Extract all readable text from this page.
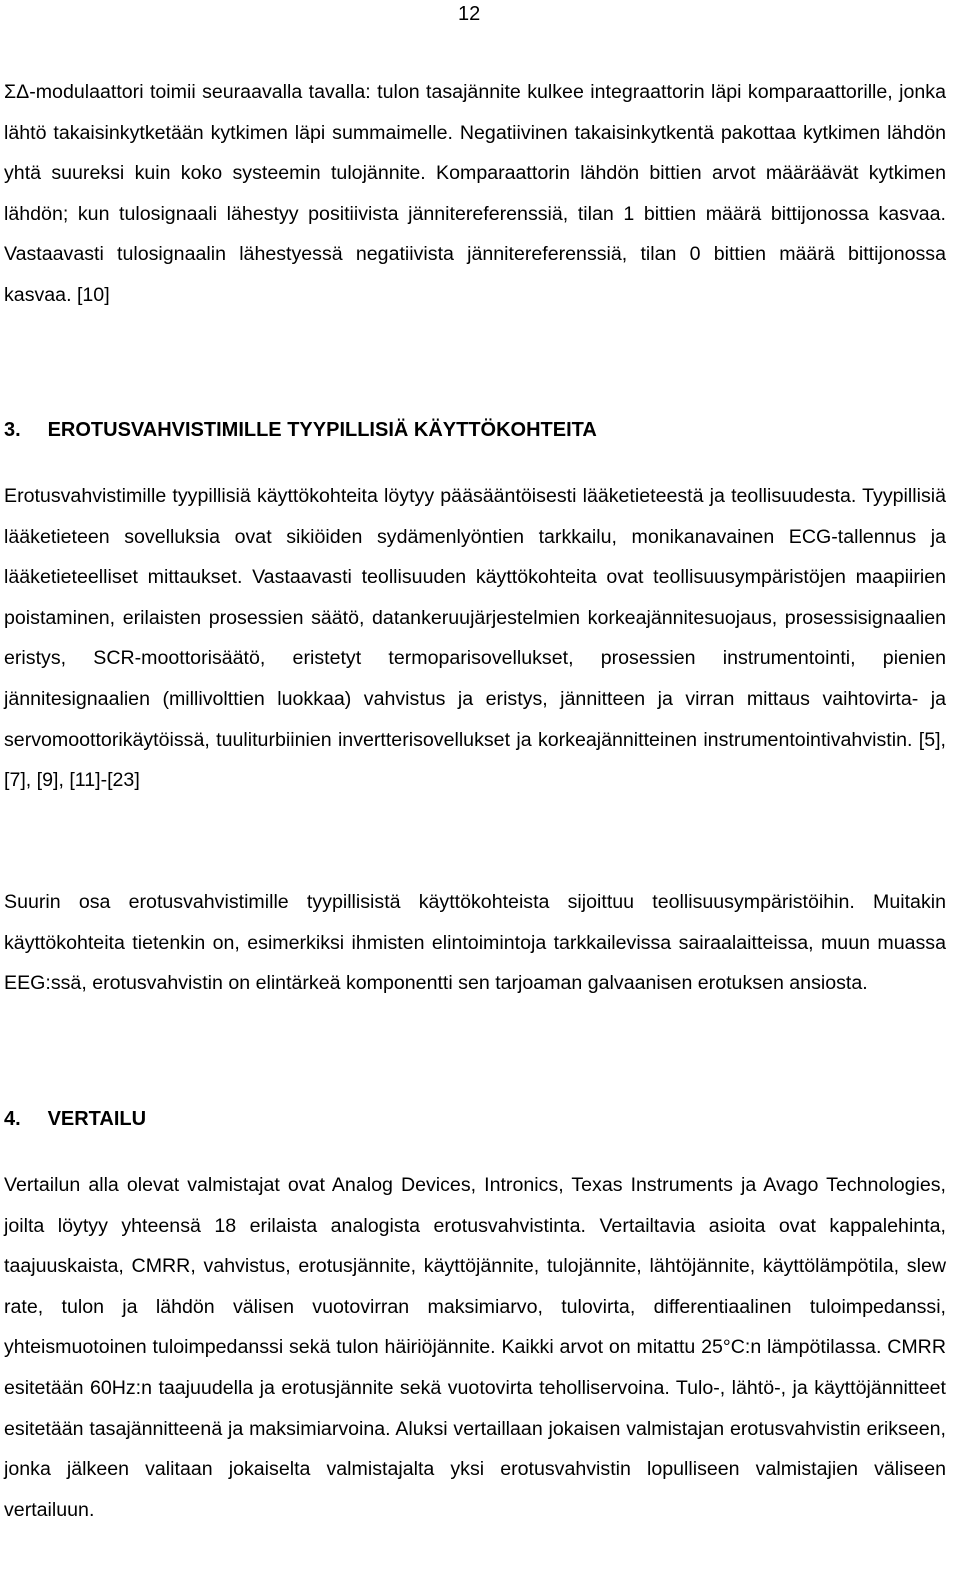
12

ΣΔ-modulaattori toimii seuraavalla tavalla: tulon tasajännite kulkee integraattorin läpi komparaattorille, jonka lähtö takaisinkytketään kytkimen läpi summaimelle. Negatiivinen takaisinkytkentä pakottaa kytkimen lähdön yhtä suureksi kuin koko systeemin tulojännite. Komparaattorin lähdön bittien arvot määräävät kytkimen lähdön; kun tulosignaali lähestyy positiivista jännitereferenssiä, tilan 1 bittien määrä bittijonossa kasvaa. Vastaavasti tulosignaalin lähestyessä negatiivista jännitereferenssiä, tilan 0 bittien määrä bittijonossa kasvaa. [10]

3. EROTUSVAHVISTIMILLE TYYPILLISIÄ KÄYTTÖKOHTEITA

Erotusvahvistimille tyypillisiä käyttökohteita löytyy pääsääntöisesti lääketieteestä ja teollisuudesta. Tyypillisiä lääketieteen sovelluksia ovat sikiöiden sydämenlyöntien tarkkailu, monikanavainen ECG-tallennus ja lääketieteelliset mittaukset. Vastaavasti teollisuuden käyttökohteita ovat teollisuusympäristöjen maapiirien poistaminen, erilaisten prosessien säätö, datankeruujärjestelmien korkeajännitesuojaus, prosessisignaalien eristys, SCR-moottorisäätö, eristetyt termoparisovellukset, prosessien instrumentointi, pienien jännitesignaalien (millivolttien luokkaa) vahvistus ja eristys, jännitteen ja virran mittaus vaihtovirta- ja servomoottorikäytöissä, tuuliturbiinien invertterisovellukset ja korkeajännitteinen instrumentointivahvistin. [5], [7], [9], [11]-[23]

Suurin osa erotusvahvistimille tyypillisistä käyttökohteista sijoittuu teollisuusympäristöihin. Muitakin käyttökohteita tietenkin on, esimerkiksi ihmisten elintoimintoja tarkkailevissa sairaalaitteissa, muun muassa EEG:ssä, erotusvahvistin on elintärkeä komponentti sen tarjoaman galvaanisen erotuksen ansiosta.

4. VERTAILU

Vertailun alla olevat valmistajat ovat Analog Devices, Intronics, Texas Instruments ja Avago Technologies, joilta löytyy yhteensä 18 erilaista analogista erotusvahvistinta. Vertailtavia asioita ovat kappalehinta, taajuuskaista, CMRR, vahvistus, erotusjännite, käyttöjännite, tulojännite, lähtöjännite, käyttölämpötila, slew rate, tulon ja lähdön välisen vuotovirran maksimiarvo, tulovirta, differentiaalinen tuloimpedanssi, yhteismuotoinen tuloimpedanssi sekä tulon häiriöjännite. Kaikki arvot on mitattu 25°C:n lämpötilassa. CMRR esitetään 60Hz:n taajuudella ja erotusjännite sekä vuotovirta teholliservoina. Tulo-, lähtö-, ja käyttöjännitteet esitetään tasajännitteenä ja maksimiarvoina. Aluksi vertaillaan jokaisen valmistajan erotusvahvistin erikseen, jonka jälkeen valitaan jokaiselta valmistajalta yksi erotusvahvistin lopulliseen valmistajien väliseen vertailuun.
